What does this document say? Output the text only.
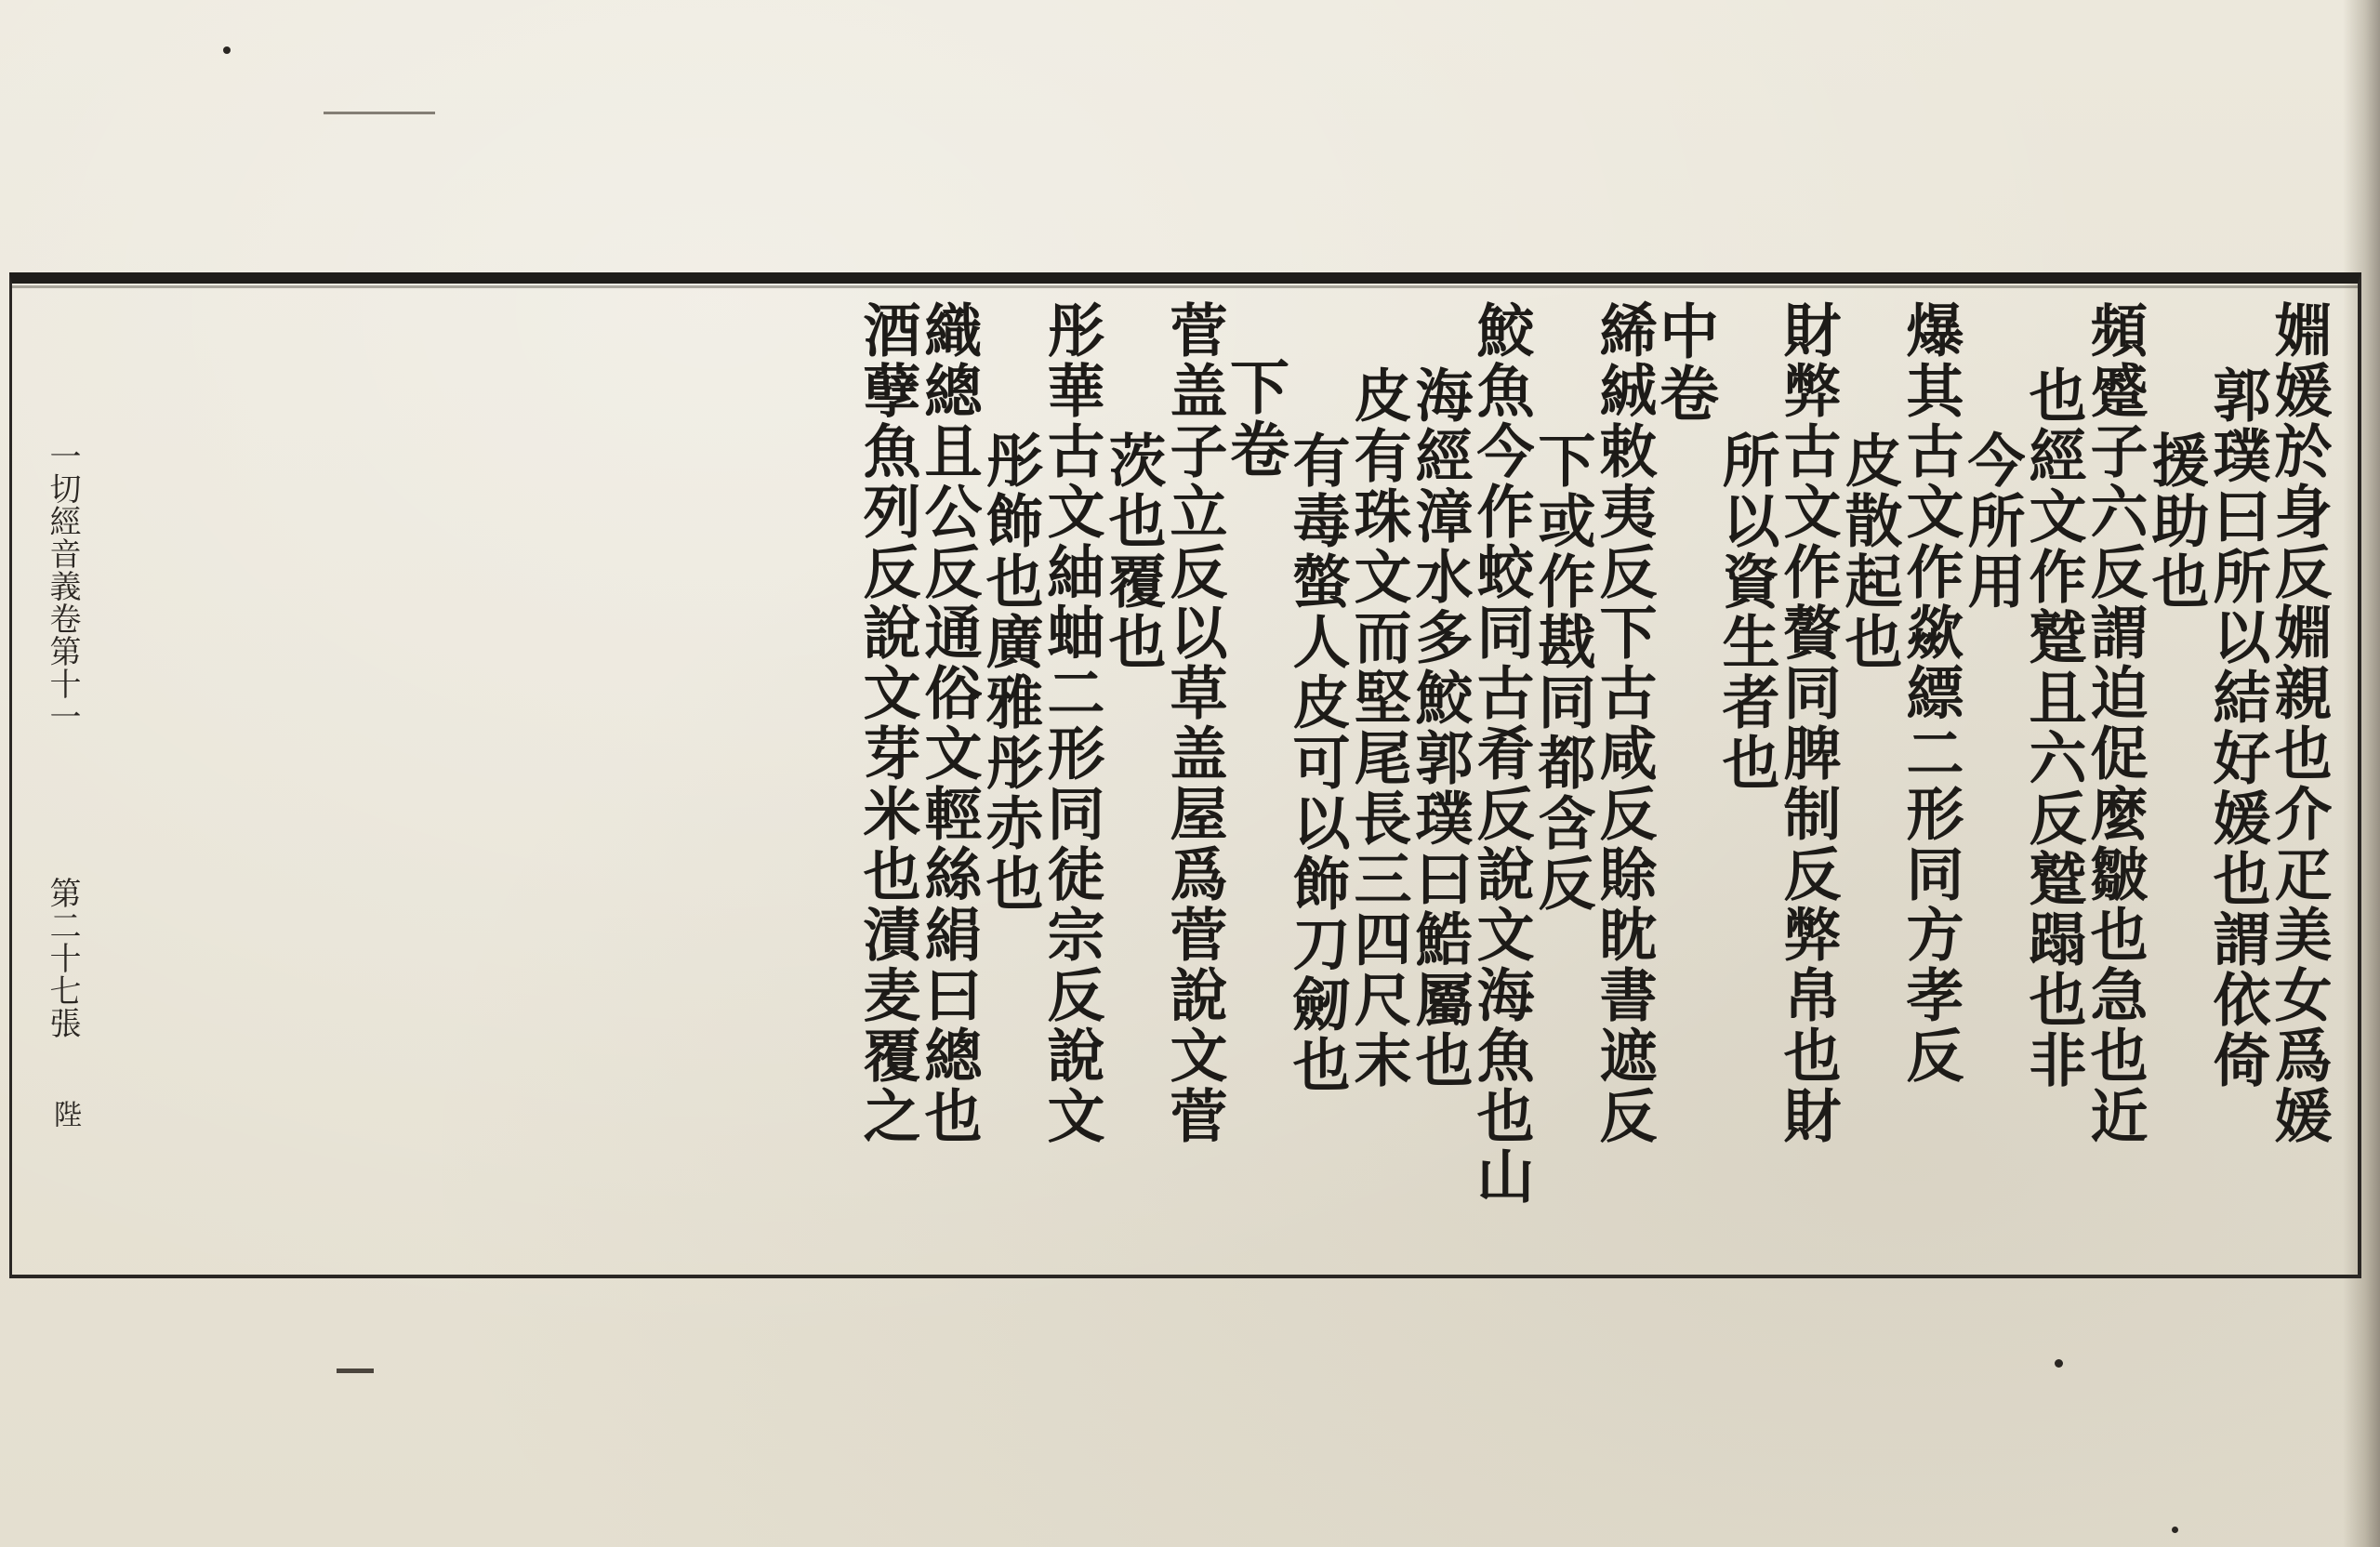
婣媛於身反婣親也介疋美女爲媛
郭璞曰所以結好媛也謂依倚
援助也
頻蹙子六反謂迫促麼皺也急也近
也經文作蹵且六反蹵蹋也非
今所用
爆其古文作歘縹二形同方孝反
皮散起也
財弊古文作贅同脾制反弊帛也財
所以資生者也
中卷
絺絾敕夷反下古咸反賖眈書遮反
下或作戡同都含反
鮫魚今作蛟同古肴反說文海魚也山
海經漳水多鮫郭璞曰鯌屬也
皮有珠文而堅尾長三四尺末
有毒螫人皮可以飾刀劒也
下卷
菅盖子立反以草盖屋爲菅說文菅
茨也覆也
彤華古文紬蚰二形同徒宗反說文
彤飾也廣雅彤赤也
織總且公反通俗文輕絲絹曰總也
酒孽魚列反說文芽米也漬麦覆之
一切經音義卷第十一
第二十七張
陛
